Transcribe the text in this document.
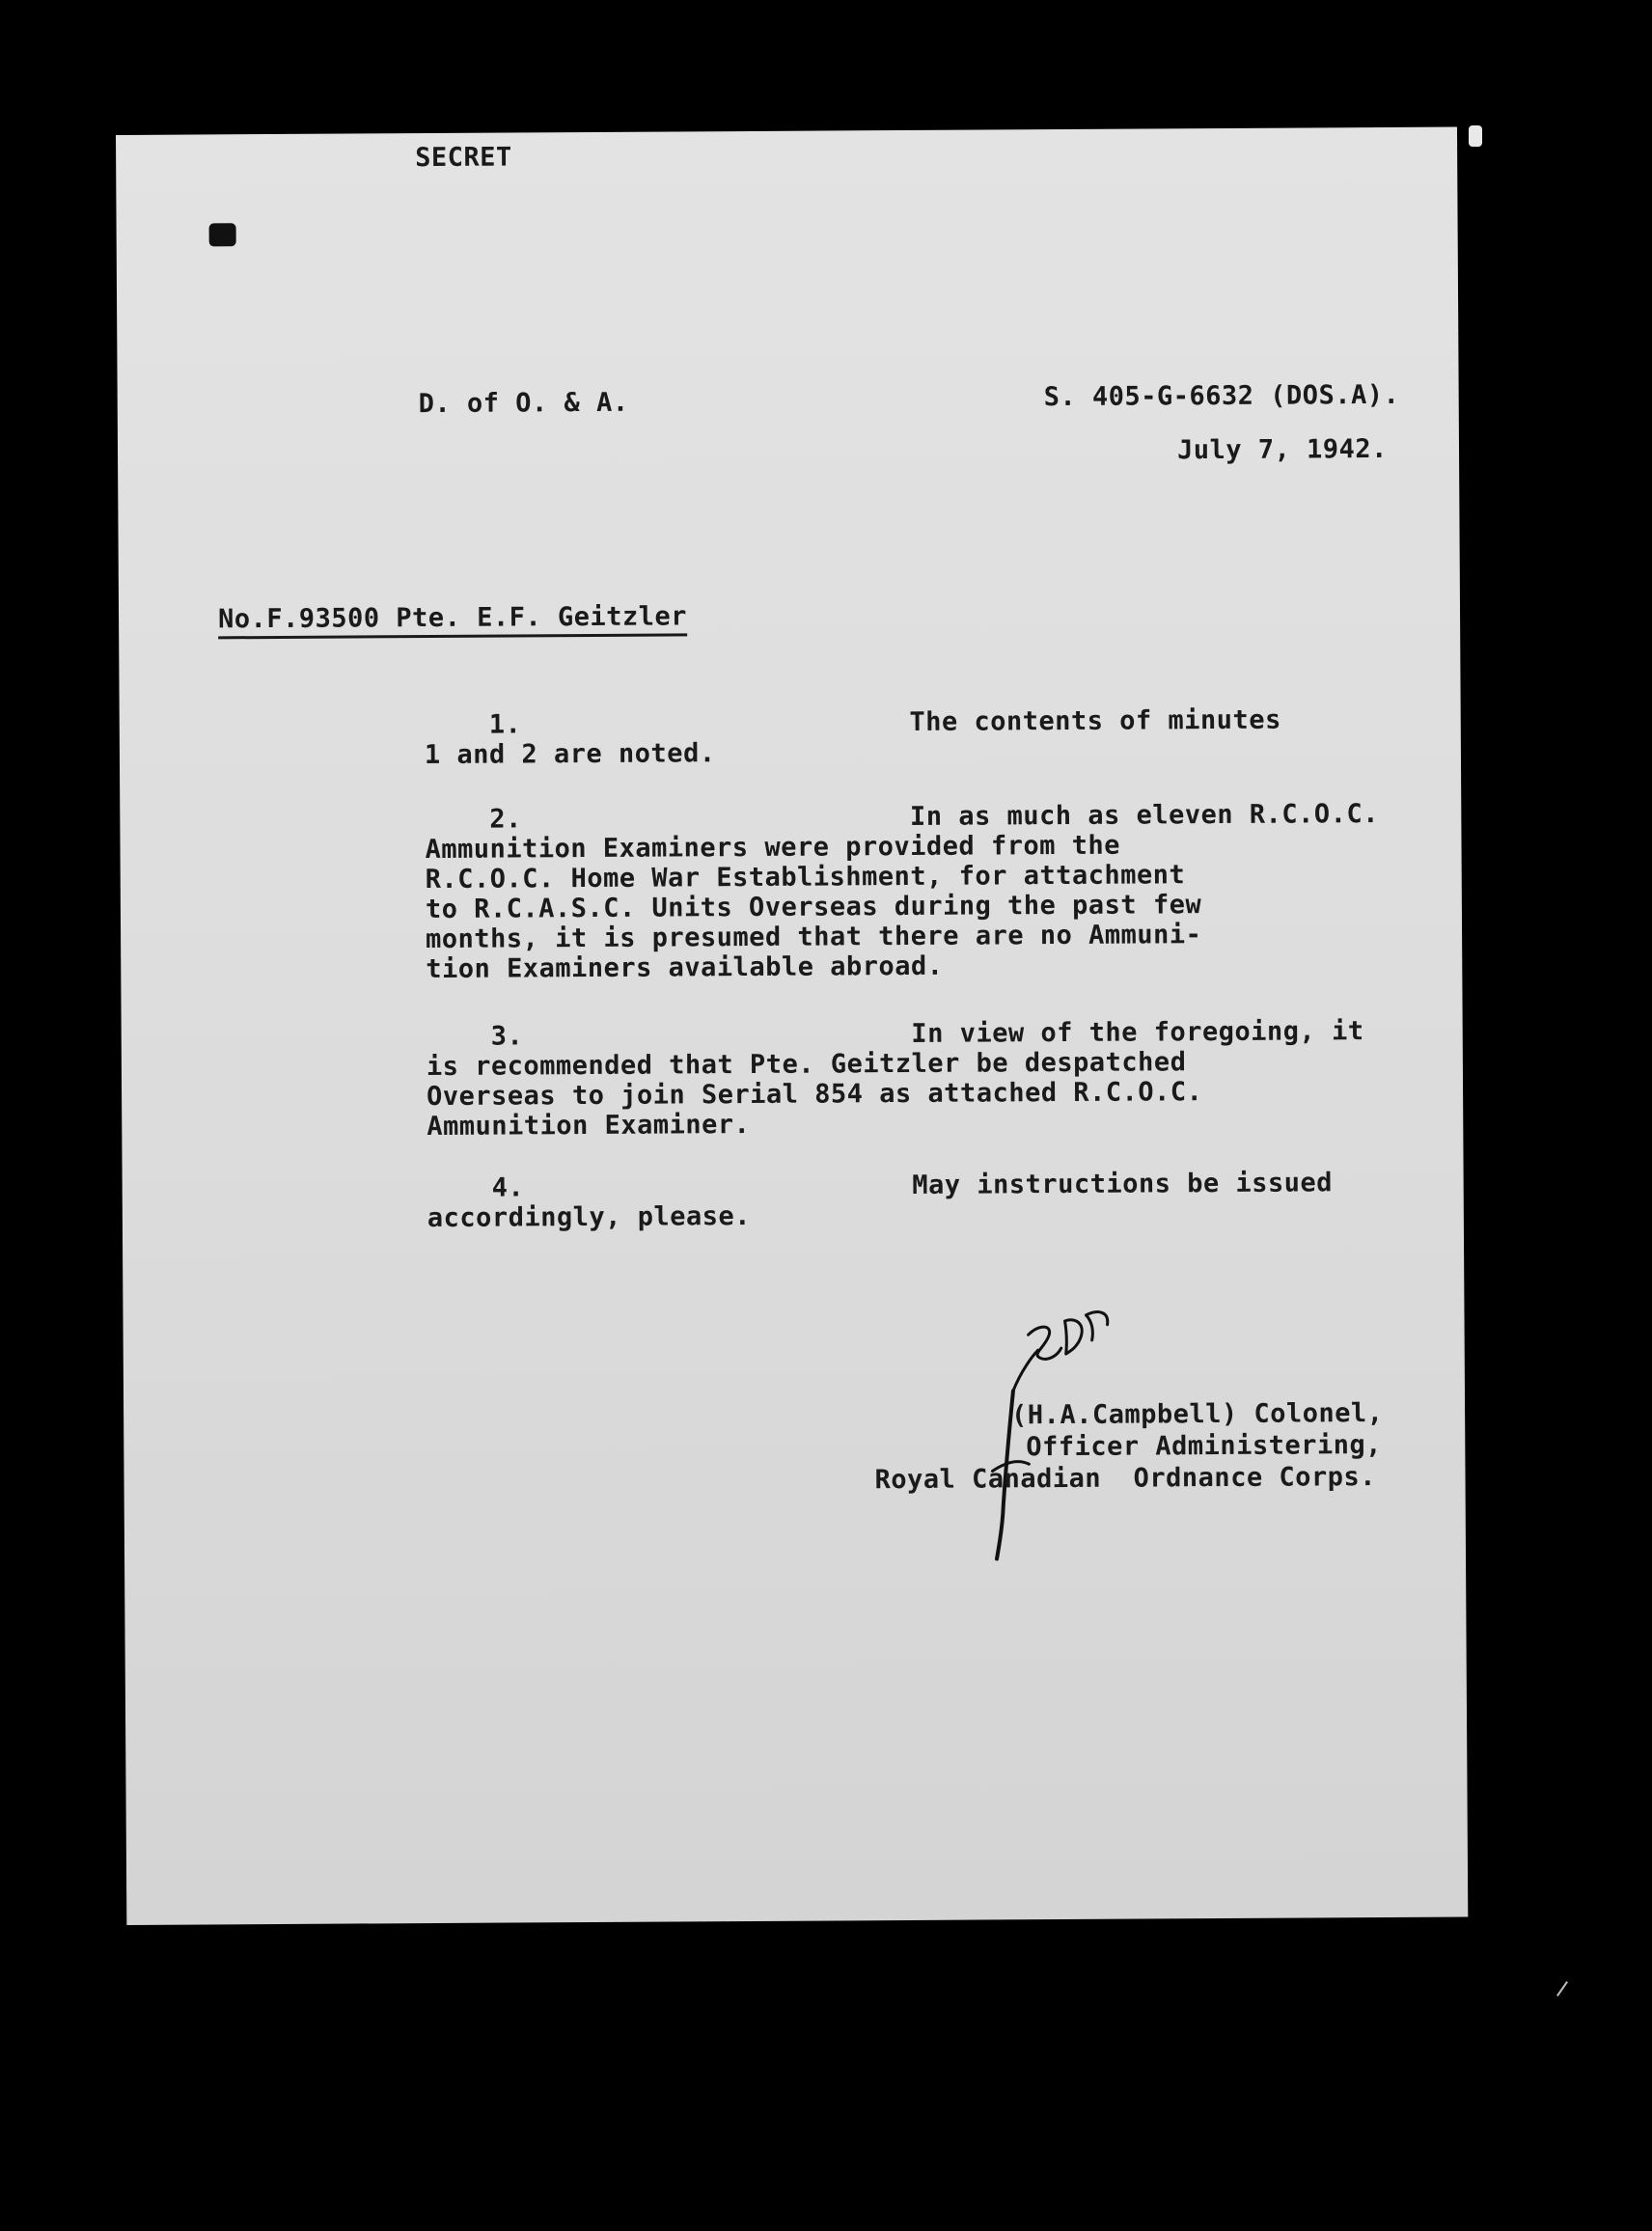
SECRET
D. of O. & A.	S. 405-G-6632 (DOS.A).
July 7, 1942.
No.F.93500 Pte. E.F. Geitzler

1.                        The contents of minutes
1 and 2 are noted.

2.                        In as much as eleven R.C.O.C.
Ammunition Examiners were provided from the
R.C.O.C. Home War Establishment, for attachment
to R.C.A.S.C. Units Overseas during the past few
months, it is presumed that there are no Ammuni-
tion Examiners available abroad.

3.                        In view of the foregoing, it
is recommended that Pte. Geitzler be despatched
Overseas to join Serial 854 as attached R.C.O.C.
Ammunition Examiner.

4.                        May instructions be issued
accordingly, please.

(H.A.Campbell) Colonel,
Officer Administering,
Royal Canadian  Ordnance Corps.
